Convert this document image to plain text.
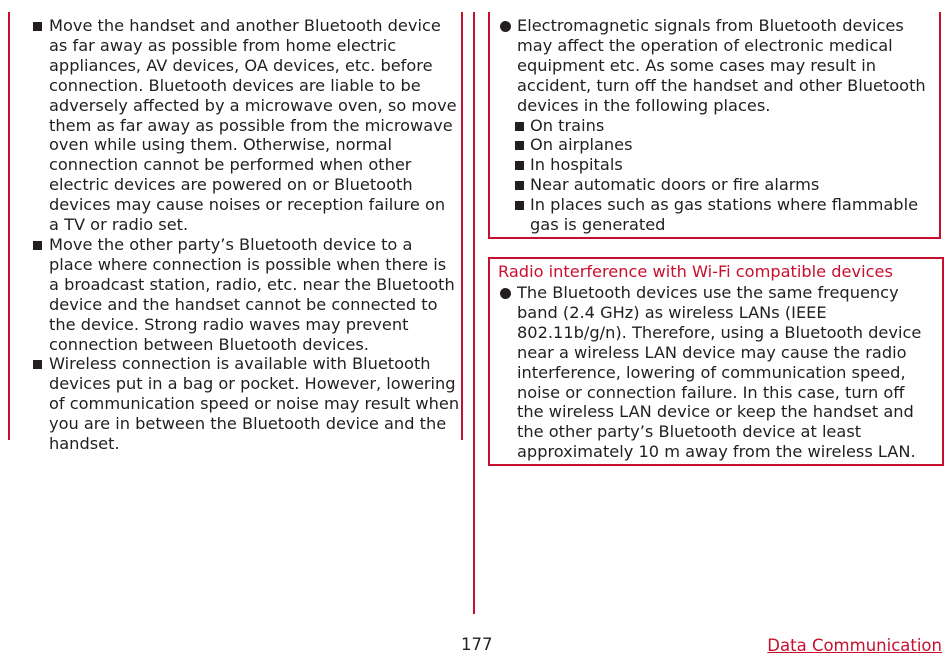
Move the handset and another Bluetooth device as far away as possible from home electric appliances, AV devices, OA devices, etc. before connection. Bluetooth devices are liable to be adversely affected by a microwave oven, so move them as far away as possible from the microwave oven while using them. Otherwise, normal connection cannot be performed when other electric devices are powered on or Bluetooth devices may cause noises or reception failure on a TV or radio set.
Move the other party’s Bluetooth device to a place where connection is possible when there is a broadcast station, radio, etc. near the Bluetooth device and the handset cannot be connected to the device. Strong radio waves may prevent connection between Bluetooth devices.
Wireless connection is available with Bluetooth devices put in a bag or pocket. However, lowering of communication speed or noise may result when you are in between the Bluetooth device and the handset.
Electromagnetic signals from Bluetooth devices may affect the operation of electronic medical equipment etc. As some cases may result in accident, turn off the handset and other Bluetooth devices in the following places.
On trains
On airplanes
In hospitals
Near automatic doors or fire alarms
In places such as gas stations where flammable gas is generated
Radio interference with Wi-Fi compatible devices
The Bluetooth devices use the same frequency band (2.4 GHz) as wireless LANs (IEEE 802.11b/g/n). Therefore, using a Bluetooth device near a wireless LAN device may cause the radio interference, lowering of communication speed, noise or connection failure. In this case, turn off the wireless LAN device or keep the handset and the other party’s Bluetooth device at least approximately 10 m away from the wireless LAN.
177	Data Communication
